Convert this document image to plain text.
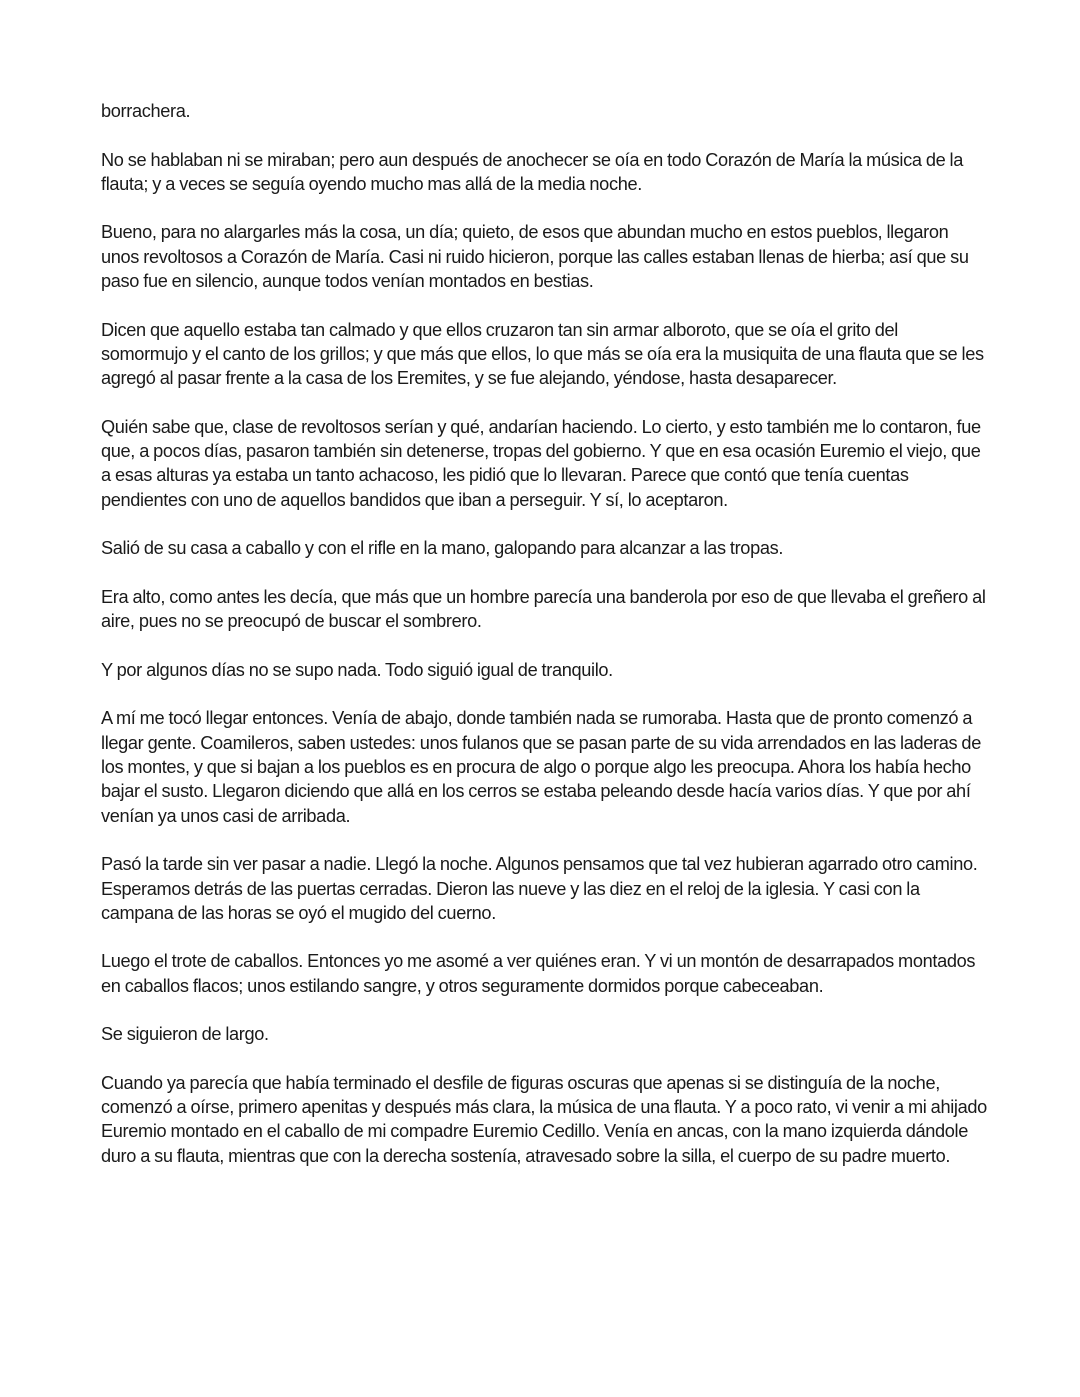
borrachera.

No se hablaban ni se miraban; pero aun después de anochecer se oía en todo Corazón de María la música de la flauta; y a veces se seguía oyendo mucho mas allá de la media noche.

Bueno, para no alargarles más la cosa, un día; quieto, de esos que abundan mucho en estos pueblos, llegaron unos revoltosos a Corazón de María. Casi ni ruido hicieron, porque las calles estaban llenas de hierba; así que su paso fue en silencio, aunque todos venían montados en bestias.

Dicen que aquello estaba tan calmado y que ellos cruzaron tan sin armar alboroto, que se oía el grito del somormujo y el canto de los grillos; y que más que ellos, lo que más se oía era la musiquita de una flauta que se les agregó al pasar frente a la casa de los Eremites, y se fue alejando, yéndose, hasta desaparecer.

Quién sabe que, clase de revoltosos serían y qué, andarían haciendo. Lo cierto, y esto también me lo contaron, fue que, a pocos días, pasaron también sin detenerse, tropas del gobierno. Y que en esa ocasión Euremio el viejo, que a esas alturas ya estaba un tanto achacoso, les pidió que lo llevaran. Parece que contó que tenía cuentas pendientes con uno de aquellos bandidos que iban a perseguir. Y sí, lo aceptaron.

Salió de su casa a caballo y con el rifle en la mano, galopando para alcanzar a las tropas.

Era alto, como antes les decía, que más que un hombre parecía una banderola por eso de que llevaba el greñero al aire, pues no se preocupó de buscar el sombrero.

Y por algunos días no se supo nada. Todo siguió igual de tranquilo.

A mí me tocó llegar entonces. Venía de abajo, donde también nada se rumoraba. Hasta que de pronto comenzó a llegar gente. Coamileros, saben ustedes: unos fulanos que se pasan parte de su vida arrendados en las laderas de los montes, y que si bajan a los pueblos es en procura de algo o porque algo les preocupa. Ahora los había hecho bajar el susto. Llegaron diciendo que allá en los cerros se estaba peleando desde hacía varios días. Y que por ahí venían ya unos casi de arribada.

Pasó la tarde sin ver pasar a nadie. Llegó la noche. Algunos pensamos que tal vez hubieran agarrado otro camino. Esperamos detrás de las puertas cerradas. Dieron las nueve y las diez en el reloj de la iglesia. Y casi con la campana de las horas se oyó el mugido del cuerno.

Luego el trote de caballos. Entonces yo me asomé a ver quiénes eran. Y vi un montón de desarrapados montados en caballos flacos; unos estilando sangre, y otros seguramente dormidos porque cabeceaban.

Se siguieron de largo.

Cuando ya parecía que había terminado el desfile de figuras oscuras que apenas si se distinguía de la noche, comenzó a oírse, primero apenitas y después más clara, la música de una flauta. Y a poco rato, vi venir a mi ahijado Euremio montado en el caballo de mi compadre Euremio Cedillo. Venía en ancas, con la mano izquierda dándole duro a su flauta, mientras que con la derecha sostenía, atravesado sobre la silla, el cuerpo de su padre muerto.
